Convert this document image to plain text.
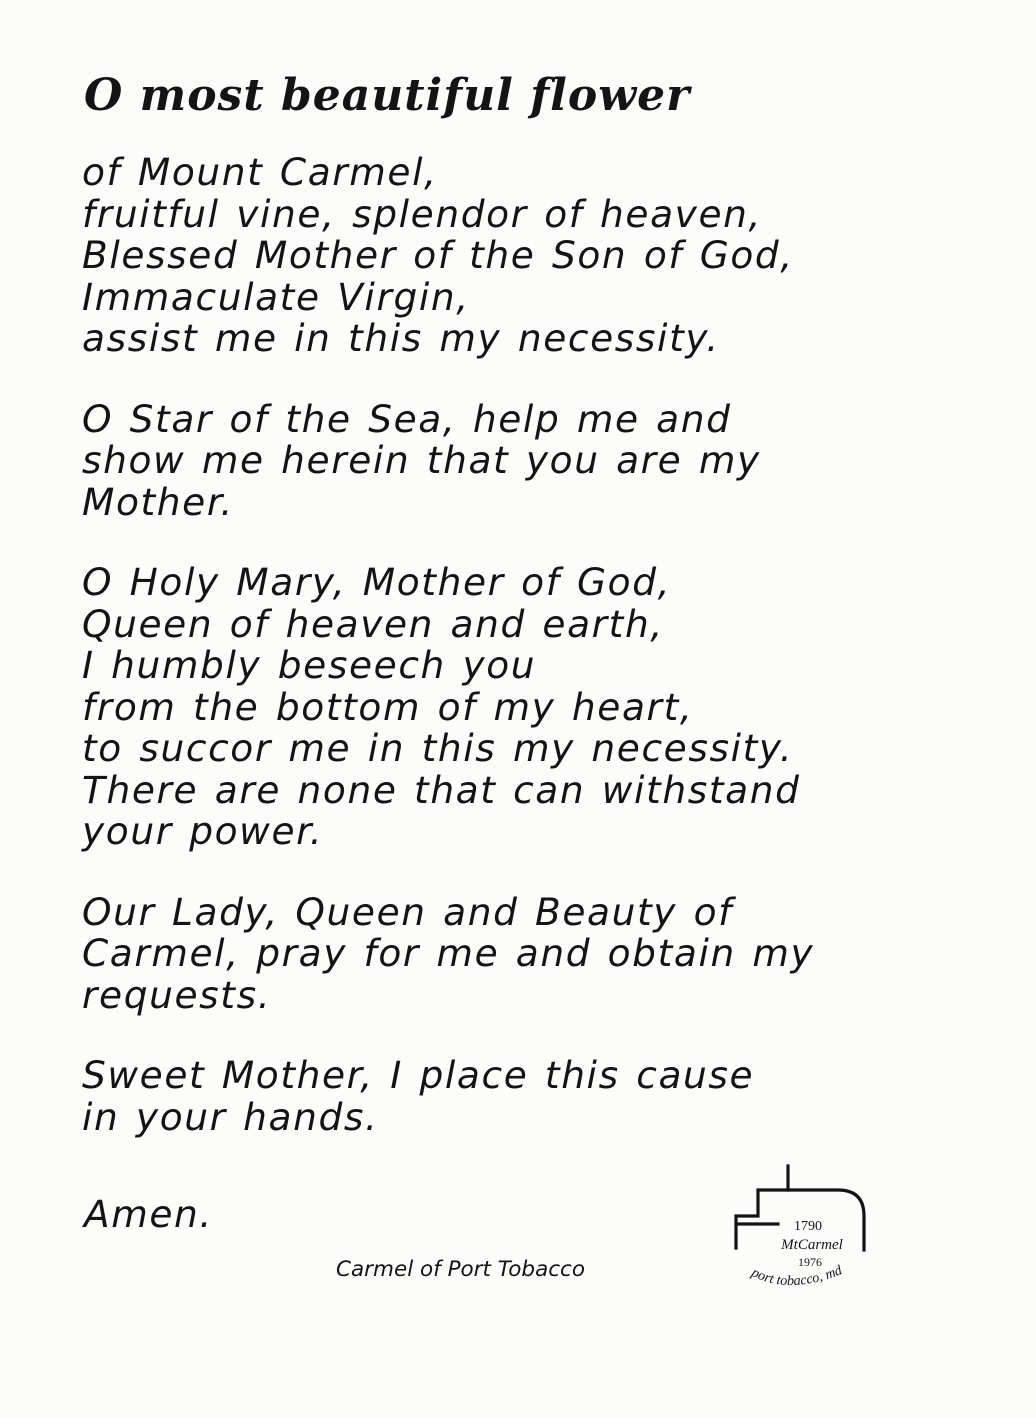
O most beautiful flower

of Mount Carmel,
fruitful vine, splendor of heaven,
Blessed Mother of the Son of God,
Immaculate Virgin,
assist me in this my necessity.

O Star of the Sea, help me and
show me herein that you are my
Mother.

O Holy Mary, Mother of God,
Queen of heaven and earth,
I humbly beseech you
from the bottom of my heart,
to succor me in this my necessity.
There are none that can withstand
your power.

Our Lady, Queen and Beauty of
Carmel, pray for me and obtain my
requests.

Sweet Mother, I place this cause
in your hands.

Amen.

Carmel of Port Tobacco

1790
MtCarmel
1976
port tobacco, md
